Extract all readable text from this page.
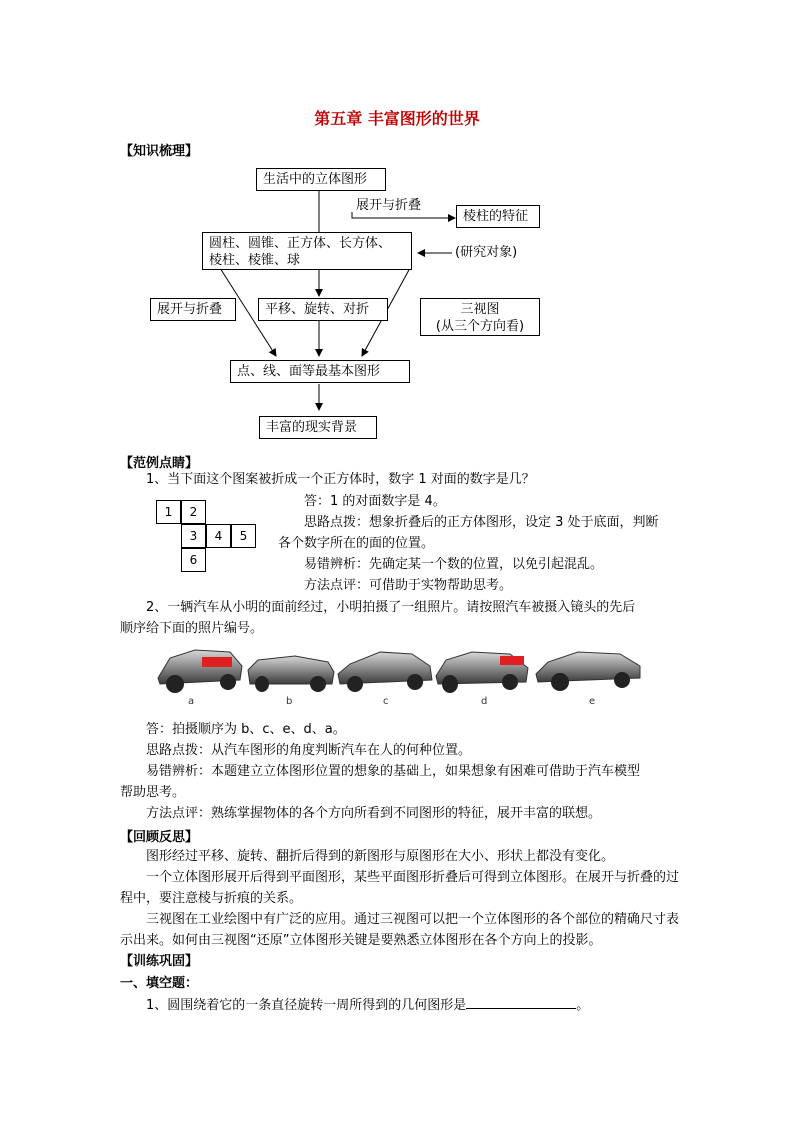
第五章 丰富图形的世界
【知识梳理】
生活中的立体图形
展开与折叠
棱柱的特征
圆柱、圆锥、正方体、长方体、
棱柱、棱锥、球
(研究对象)
展开与折叠	平移、旋转、对折	三视图
(从三个方向看)
点、线、面等最基本图形
丰富的现实背景
【范例点睛】
1、当下面这个图案被折成一个正方体时，数字 1 对面的数字是几？
1	2
3	4	5
6
答：1 的对面数字是 4。
思路点拨：想象折叠后的正方体图形，设定 3 处于底面，判断
各个数字所在的面的位置。
易错辨析：先确定某一个数的位置，以免引起混乱。
方法点评：可借助于实物帮助思考。
2、一辆汽车从小明的面前经过，小明拍摄了一组照片。请按照汽车被摄入镜头的先后
顺序给下面的照片编号。
a	b	c	d	e
答：拍摄顺序为 b、c、e、d、a。
思路点拨：从汽车图形的角度判断汽车在人的何种位置。
易错辨析：本题建立立体图形位置的想象的基础上，如果想象有困难可借助于汽车模型
帮助思考。
方法点评：熟练掌握物体的各个方向所看到不同图形的特征，展开丰富的联想。
【回顾反思】
图形经过平移、旋转、翻折后得到的新图形与原图形在大小、形状上都没有变化。
一个立体图形展开后得到平面图形，某些平面图形折叠后可得到立体图形。在展开与折叠的过程中，要注意棱与折痕的关系。
三视图在工业绘图中有广泛的应用。通过三视图可以把一个立体图形的各个部位的精确尺寸表示出来。如何由三视图“还原”立体图形关键是要熟悉立体图形在各个方向上的投影。
【训练巩固】
一、填空题：
1、圆围绕着它的一条直径旋转一周所得到的几何图形是	。
